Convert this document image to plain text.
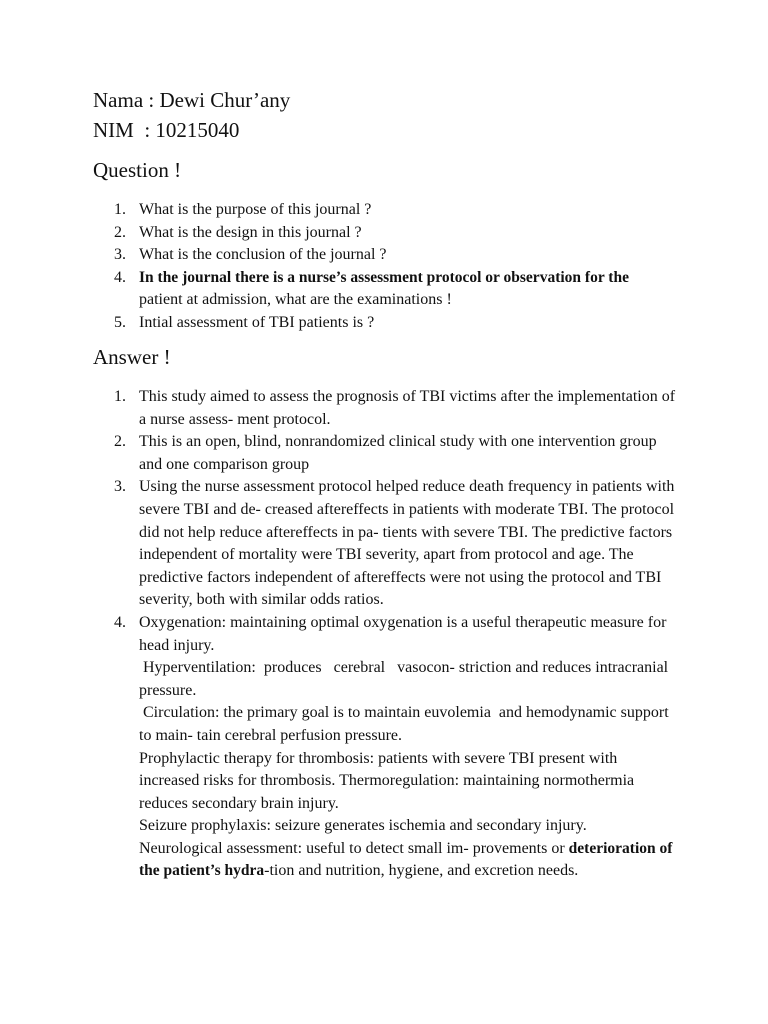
Nama : Dewi Chur’any
NIM  : 10215040
Question !
1. What is the purpose of this journal ?
2. What is the design in this journal ?
3. What is the conclusion of the journal ?
4. In the journal there is a nurse’s assessment protocol or observation for the
patient at admission, what are the examinations !
5. Intial assessment of TBI patients is ?
Answer !
1. This study aimed to assess the prognosis of TBI victims after the implementation of a nurse assess- ment protocol.
2. This is an open, blind, nonrandomized clinical study with one intervention group and one comparison group
3. Using the nurse assessment protocol helped reduce death frequency in patients with severe TBI and de- creased aftereffects in patients with moderate TBI. The protocol did not help reduce aftereffects in pa- tients with severe TBI. The predictive factors independent of mortality were TBI severity, apart from protocol and age. The predictive factors independent of aftereffects were not using the protocol and TBI severity, both with similar odds ratios.
4. Oxygenation: maintaining optimal oxygenation is a useful therapeutic measure for head injury.
Hyperventilation:  produces   cerebral   vasocon- striction and reduces intracranial  pressure.
Circulation: the primary goal is to maintain euvolemia  and hemodynamic support to main- tain cerebral perfusion pressure.
Prophylactic therapy for thrombosis: patients with severe TBI present with increased risks for thrombosis. Thermoregulation: maintaining normothermia reduces secondary brain injury.
Seizure prophylaxis: seizure generates ischemia and secondary injury.
Neurological assessment: useful to detect small im- provements or deterioration of the patient’s hydra-tion and nutrition, hygiene, and excretion needs.
